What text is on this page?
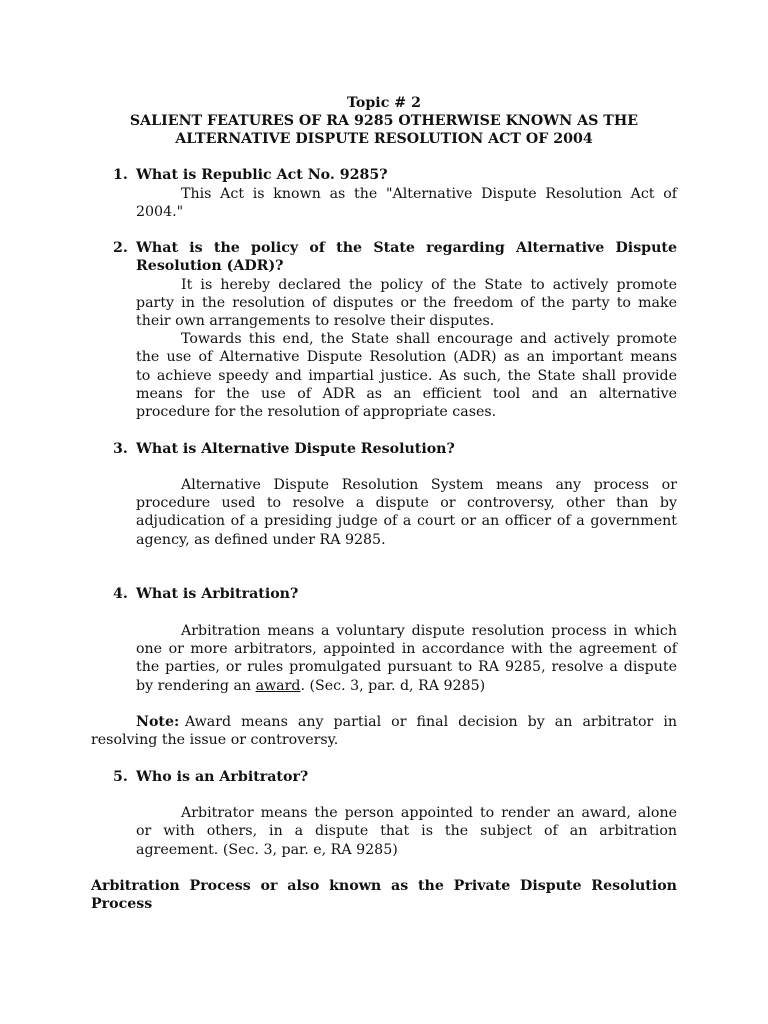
Topic # 2
SALIENT FEATURES OF RA 9285 OTHERWISE KNOWN AS THE
ALTERNATIVE DISPUTE RESOLUTION ACT OF 2004
1. What is Republic Act No. 9285?
This Act is known as the "Alternative Dispute Resolution Act of
2004."
2. What is the policy of the State regarding Alternative Dispute
Resolution (ADR)?
It is hereby declared the policy of the State to actively promote
party in the resolution of disputes or the freedom of the party to make
their own arrangements to resolve their disputes.
Towards this end, the State shall encourage and actively promote
the use of Alternative Dispute Resolution (ADR) as an important means
to achieve speedy and impartial justice. As such, the State shall provide
means for the use of ADR as an efficient tool and an alternative
procedure for the resolution of appropriate cases.
3. What is Alternative Dispute Resolution?
Alternative Dispute Resolution System means any process or
procedure used to resolve a dispute or controversy, other than by
adjudication of a presiding judge of a court or an officer of a government
agency, as defined under RA 9285.
4. What is Arbitration?
Arbitration means a voluntary dispute resolution process in which
one or more arbitrators, appointed in accordance with the agreement of
the parties, or rules promulgated pursuant to RA 9285, resolve a dispute
by rendering an award. (Sec. 3, par. d, RA 9285)
Note: Award means any partial or final decision by an arbitrator in
resolving the issue or controversy.
5. Who is an Arbitrator?
Arbitrator means the person appointed to render an award, alone
or with others, in a dispute that is the subject of an arbitration
agreement. (Sec. 3, par. e, RA 9285)
Arbitration Process or also known as the Private Dispute Resolution
Process
